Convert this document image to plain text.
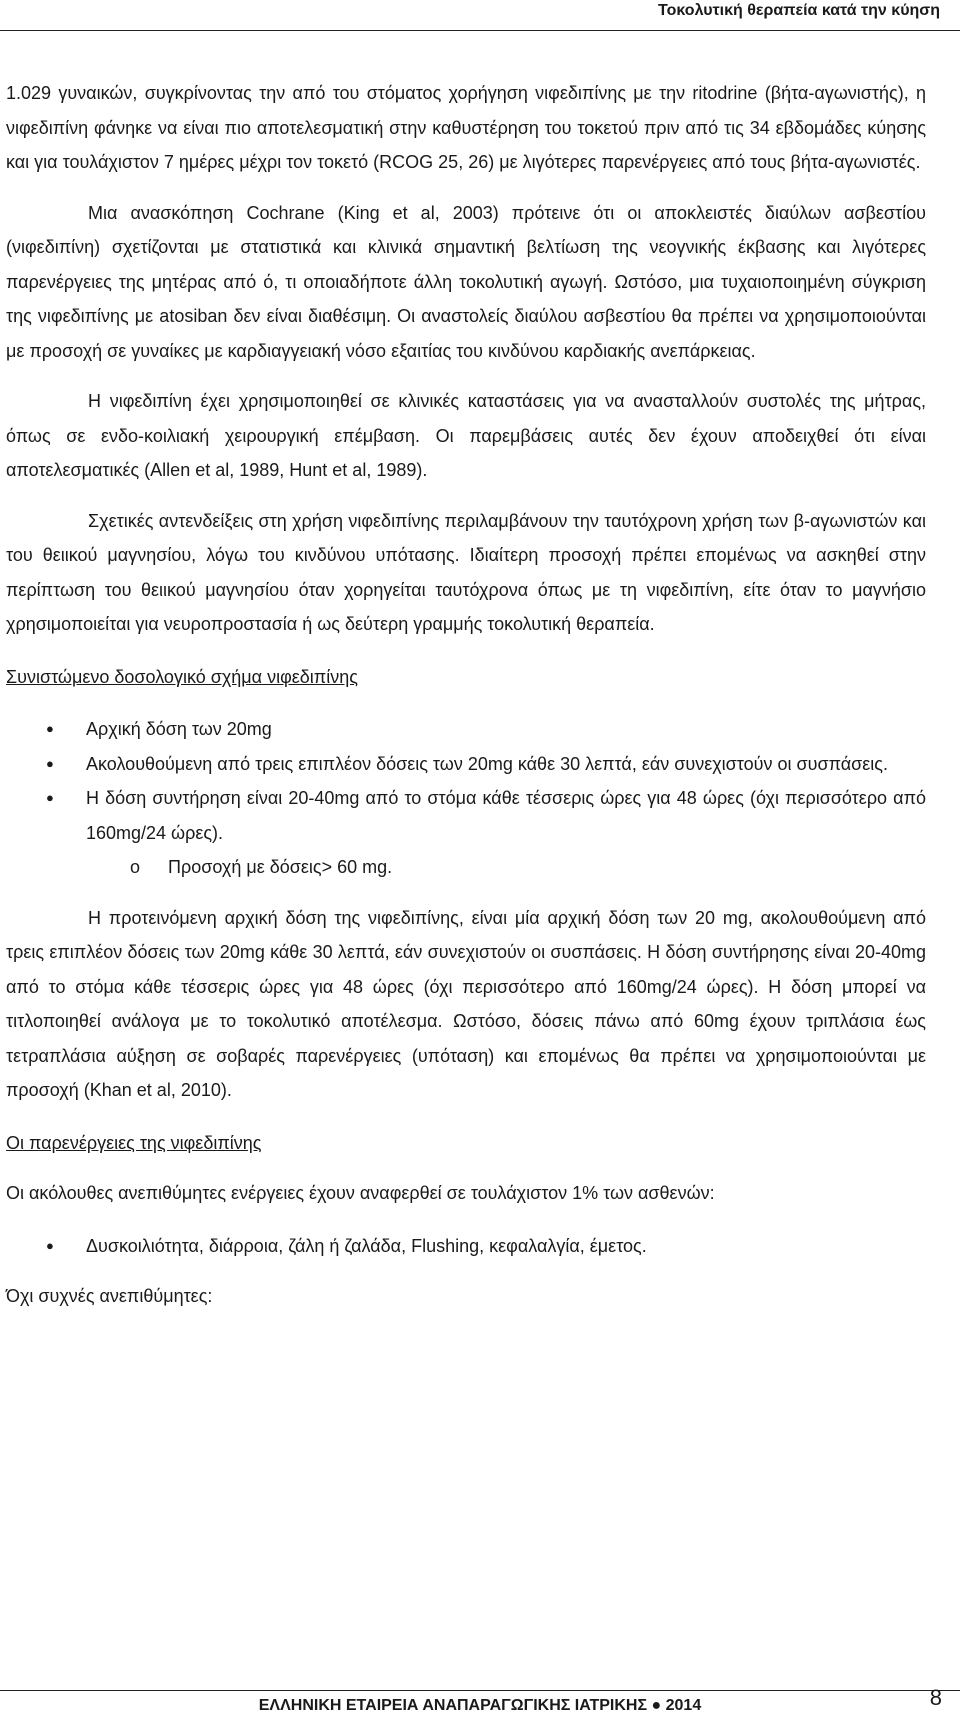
Τοκολυτική θεραπεία κατά την κύηση

1.029 γυναικών, συγκρίνοντας την από του στόματος χορήγηση νιφεδιπίνης με την ritodrine (βήτα-αγωνιστής), η νιφεδιπίνη φάνηκε να είναι πιο αποτελεσματική στην καθυστέρηση του τοκετού πριν από τις 34 εβδομάδες κύησης και για τουλάχιστον 7 ημέρες μέχρι τον τοκετό (RCOG 25, 26) με λιγότερες παρενέργειες από τους βήτα-αγωνιστές.

Μια ανασκόπηση Cochrane (King et al, 2003) πρότεινε ότι οι αποκλειστές διαύλων ασβεστίου (νιφεδιπίνη) σχετίζονται με στατιστικά και κλινικά σημαντική βελτίωση της νεογνικής έκβασης και λιγότερες παρενέργειες της μητέρας από ό, τι οποιαδήποτε άλλη τοκολυτική αγωγή. Ωστόσο, μια τυχαιοποιημένη σύγκριση της νιφεδιπίνης με atosiban δεν είναι διαθέσιμη. Οι αναστολείς διαύλου ασβεστίου θα πρέπει να χρησιμοποιούνται με προσοχή σε γυναίκες με καρδιαγγειακή νόσο εξαιτίας του κινδύνου καρδιακής ανεπάρκειας.

Η νιφεδιπίνη έχει χρησιμοποιηθεί σε κλινικές καταστάσεις για να ανασταλλούν συστολές της μήτρας, όπως σε ενδο-κοιλιακή χειρουργική επέμβαση. Οι παρεμβάσεις αυτές δεν έχουν αποδειχθεί ότι είναι αποτελεσματικές (Allen et al, 1989, Hunt et al, 1989).

Σχετικές αντενδείξεις στη χρήση νιφεδιπίνης περιλαμβάνουν την ταυτόχρονη χρήση των β-αγωνιστών και του θειικού μαγνησίου, λόγω του κινδύνου υπότασης. Ιδιαίτερη προσοχή πρέπει επομένως να ασκηθεί στην περίπτωση του θειικού μαγνησίου όταν χορηγείται ταυτόχρονα όπως με τη νιφεδιπίνη, είτε όταν το μαγνήσιο χρησιμοποιείται για νευροπροστασία ή ως δεύτερη γραμμής τοκολυτική θεραπεία.

Συνιστώμενο δοσολογικό σχήμα νιφεδιπίνης

● Αρχική δόση των 20mg
● Ακολουθούμενη από τρεις επιπλέον δόσεις των 20mg κάθε 30 λεπτά, εάν συνεχιστούν οι συσπάσεις.
● Η δόση συντήρηση είναι 20-40mg από το στόμα κάθε τέσσερις ώρες για 48 ώρες (όχι περισσότερο από 160mg/24 ώρες).
o Προσοχή με δόσεις> 60 mg.

Η προτεινόμενη αρχική δόση της νιφεδιπίνης, είναι μία αρχική δόση των 20 mg, ακολουθούμενη από τρεις επιπλέον δόσεις των 20mg κάθε 30 λεπτά, εάν συνεχιστούν οι συσπάσεις. Η δόση συντήρησης είναι 20-40mg από το στόμα κάθε τέσσερις ώρες για 48 ώρες (όχι περισσότερο από 160mg/24 ώρες). Η δόση μπορεί να τιτλοποιηθεί ανάλογα με το τοκολυτικό αποτέλεσμα. Ωστόσο, δόσεις πάνω από 60mg έχουν τριπλάσια έως τετραπλάσια αύξηση σε σοβαρές παρενέργειες (υπόταση) και επομένως θα πρέπει να χρησιμοποιούνται με προσοχή (Khan et al, 2010).

Οι παρενέργειες της νιφεδιπίνης

Οι ακόλουθες ανεπιθύμητες ενέργειες έχουν αναφερθεί σε τουλάχιστον 1% των ασθενών:

● Δυσκοιλιότητα, διάρροια, ζάλη ή ζαλάδα, Flushing, κεφαλαλγία, έμετος.

Όχι συχνές ανεπιθύμητες:

ΕΛΛΗΝΙΚΗ ΕΤΑΙΡΕΙΑ ΑΝΑΠΑΡΑΓΩΓΙΚΗΣ ΙΑΤΡΙΚΗΣ ● 2014	8
